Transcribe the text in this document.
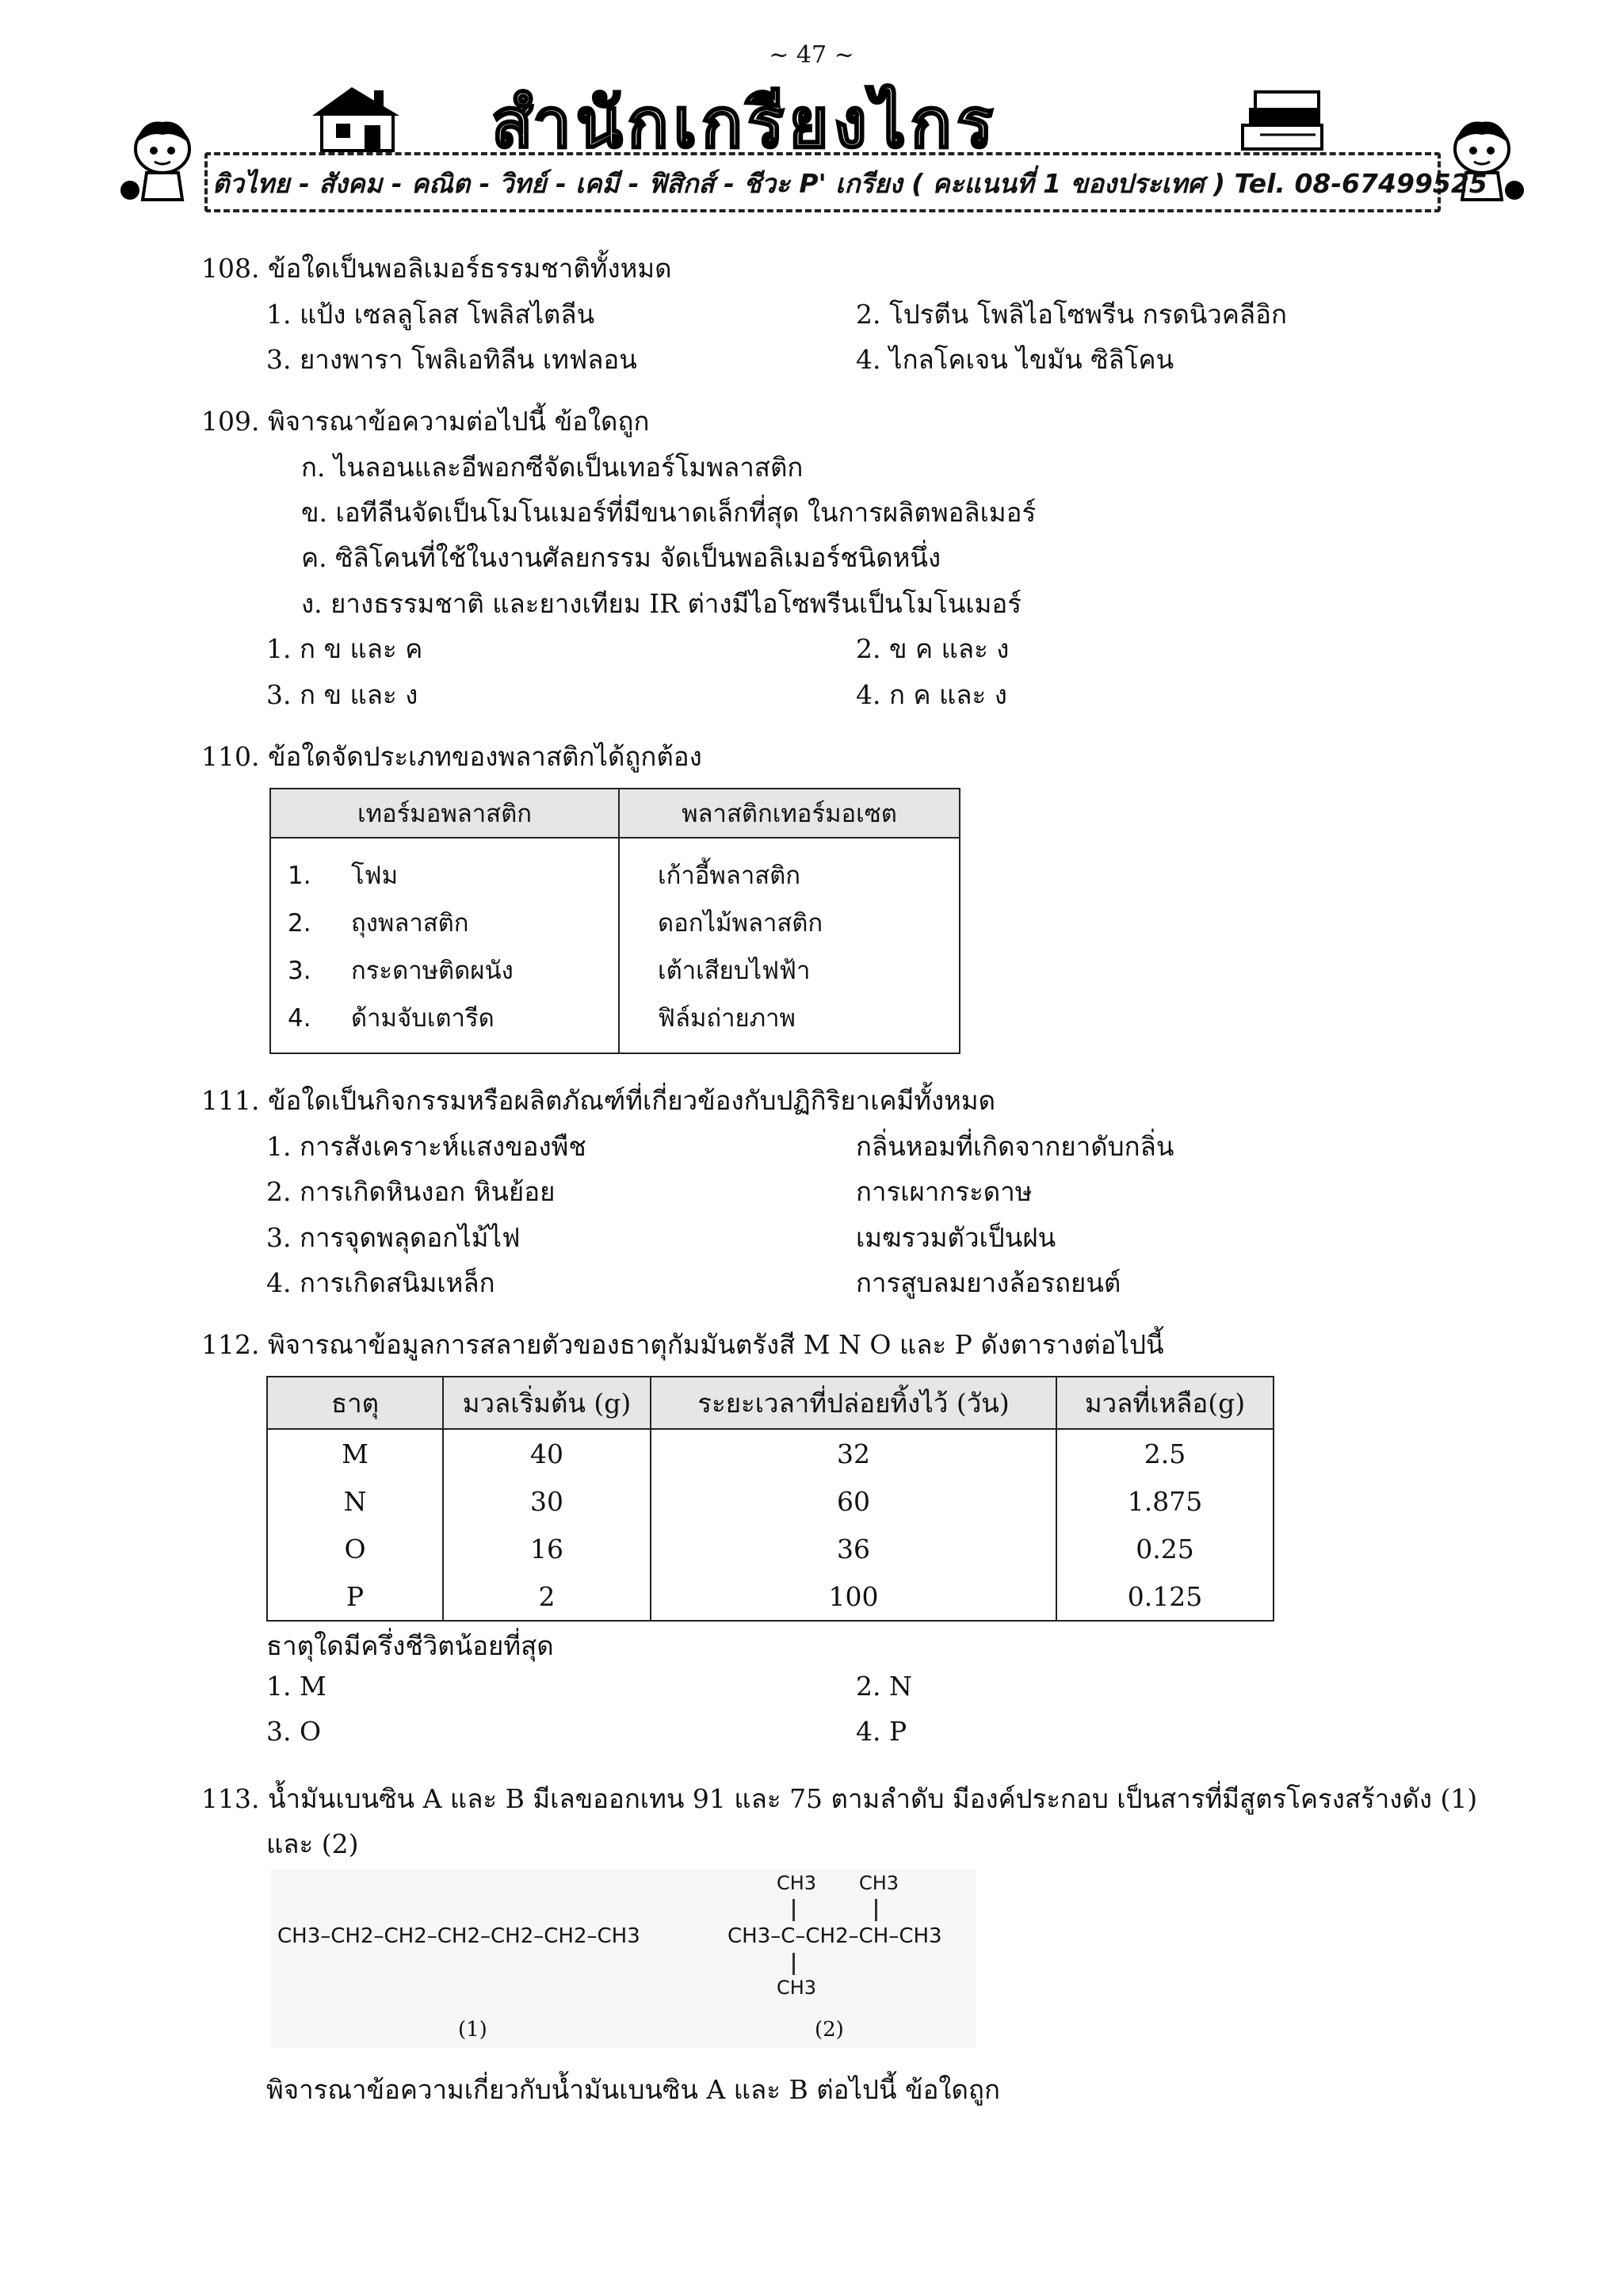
~ 47 ~
สำนักเกรียงไกร
ติวไทย - สังคม - คณิต - วิทย์ - เคมี - ฟิสิกส์ - ชีวะ P' เกรียง ( คะแนนที่ 1 ของประเทศ ) Tel. 08-67499525
108. ข้อใดเป็นพอลิเมอร์ธรรมชาติทั้งหมด
1. แป้ง เซลลูโลส โพลิสไตลีน	2. โปรตีน โพลิไอโซพรีน กรดนิวคลีอิก
3. ยางพารา โพลิเอทิลีน เทฟลอน	4. ไกลโคเจน ไขมัน ซิลิโคน
109. พิจารณาข้อความต่อไปนี้ ข้อใดถูก
ก. ไนลอนและอีพอกซีจัดเป็นเทอร์โมพลาสติก
ข. เอทีลีนจัดเป็นโมโนเมอร์ที่มีขนาดเล็กที่สุด ในการผลิตพอลิเมอร์
ค. ซิลิโคนที่ใช้ในงานศัลยกรรม จัดเป็นพอลิเมอร์ชนิดหนึ่ง
ง. ยางธรรมชาติ และยางเทียม IR ต่างมีไอโซพรีนเป็นโมโนเมอร์
1. ก ข และ ค	2. ข ค และ ง
3. ก ข และ ง	4. ก ค และ ง
110. ข้อใดจัดประเภทของพลาสติกได้ถูกต้อง
เทอร์มอพลาสติก	พลาสติกเทอร์มอเซต

1. โฟม	เก้าอี้พลาสติก
2. ถุงพลาสติก	ดอกไม้พลาสติก
3. กระดาษติดผนัง	เต้าเสียบไฟฟ้า
4. ด้ามจับเตารีด	ฟิล์มถ่ายภาพ

111. ข้อใดเป็นกิจกรรมหรือผลิตภัณฑ์ที่เกี่ยวข้องกับปฏิกิริยาเคมีทั้งหมด
1. การสังเคราะห์แสงของพืช	กลิ่นหอมที่เกิดจากยาดับกลิ่น
2. การเกิดหินงอก หินย้อย	การเผากระดาษ
3. การจุดพลุดอกไม้ไฟ	เมฆรวมตัวเป็นฝน
4. การเกิดสนิมเหล็ก	การสูบลมยางล้อรถยนต์
112. พิจารณาข้อมูลการสลายตัวของธาตุกัมมันตรังสี M N O และ P ดังตารางต่อไปนี้
ธาตุ	มวลเริ่มต้น (g)	ระยะเวลาที่ปล่อยทิ้งไว้ (วัน)	มวลที่เหลือ(g)
M	40	32	2.5
N	30	60	1.875
O	16	36	0.25
P	2	100	0.125
ธาตุใดมีครึ่งชีวิตน้อยที่สุด
1. M	2. N
3. O	4. P
113. น้ำมันเบนซิน A และ B มีเลขออกเทน 91 และ 75 ตามลำดับ มีองค์ประกอบ เป็นสารที่มีสูตรโครงสร้างดัง (1)
และ (2)
CH3–CH2–CH2–CH2–CH2–CH2–CH3
CH3 CH3
CH3–C–CH2–CH–CH3
CH3
(1)	(2)
พิจารณาข้อความเกี่ยวกับน้ำมันเบนซิน A และ B ต่อไปนี้ ข้อใดถูก
